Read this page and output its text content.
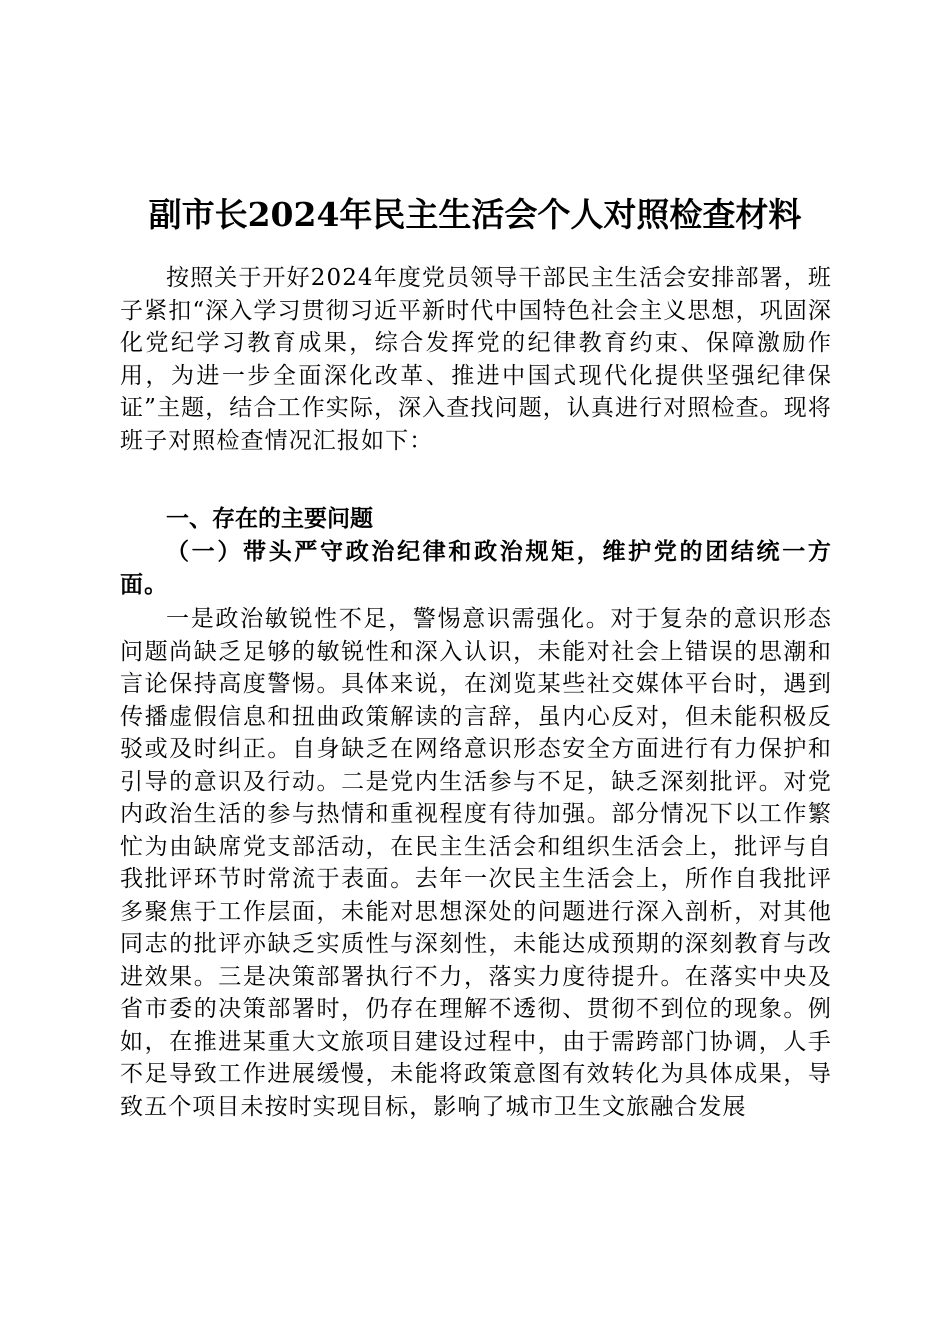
副市长2024年民主生活会个人对照检查材料

按照关于开好2024年度党员领导干部民主生活会安排部署，班子紧扣“深入学习贯彻习近平新时代中国特色社会主义思想，巩固深化党纪学习教育成果，综合发挥党的纪律教育约束、保障激励作用，为进一步全面深化改革、推进中国式现代化提供坚强纪律保证”主题，结合工作实际，深入查找问题，认真进行对照检查。现将班子对照检查情况汇报如下：

一、存在的主要问题

（一）带头严守政治纪律和政治规矩，维护党的团结统一方面。

一是政治敏锐性不足，警惕意识需强化。对于复杂的意识形态问题尚缺乏足够的敏锐性和深入认识，未能对社会上错误的思潮和言论保持高度警惕。具体来说，在浏览某些社交媒体平台时，遇到传播虚假信息和扭曲政策解读的言辞，虽内心反对，但未能积极反驳或及时纠正。自身缺乏在网络意识形态安全方面进行有力保护和引导的意识及行动。二是党内生活参与不足，缺乏深刻批评。对党内政治生活的参与热情和重视程度有待加强。部分情况下以工作繁忙为由缺席党支部活动，在民主生活会和组织生活会上，批评与自我批评环节时常流于表面。去年一次民主生活会上，所作自我批评多聚焦于工作层面，未能对思想深处的问题进行深入剖析，对其他同志的批评亦缺乏实质性与深刻性，未能达成预期的深刻教育与改进效果。三是决策部署执行不力，落实力度待提升。在落实中央及省市委的决策部署时，仍存在理解不透彻、贯彻不到位的现象。例如，在推进某重大文旅项目建设过程中，由于需跨部门协调，人手不足导致工作进展缓慢，未能将政策意图有效转化为具体成果，导致五个项目未按时实现目标，影响了城市卫生文旅融合发展
